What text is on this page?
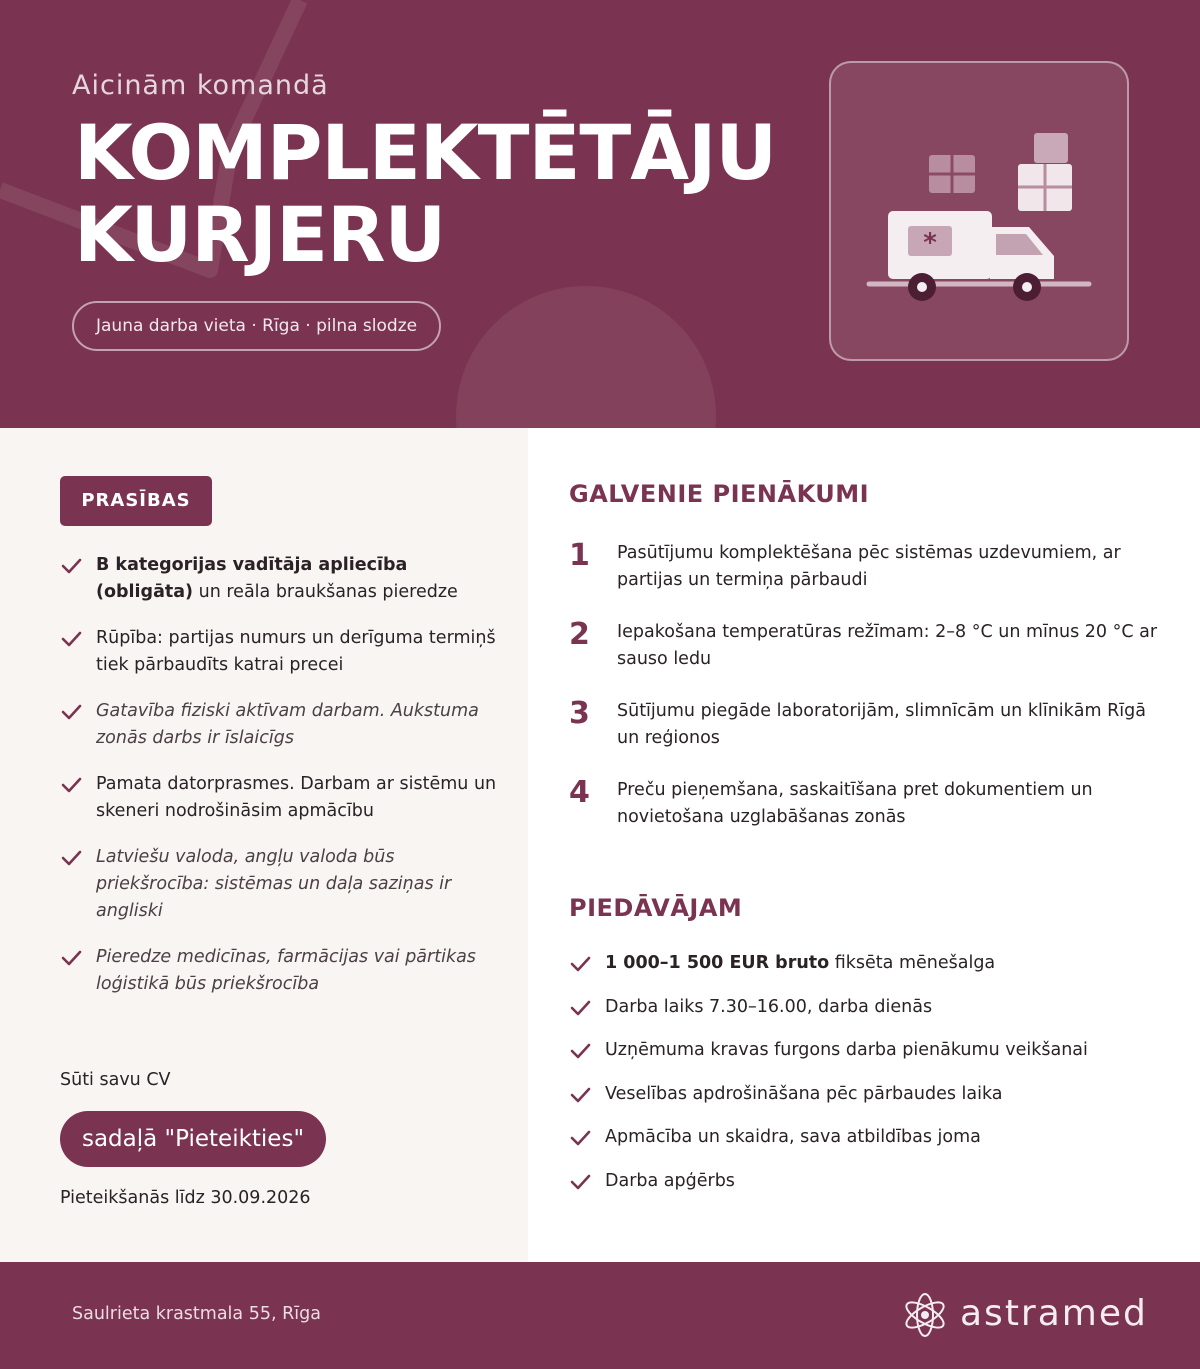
Aicinām komandā
KOMPLEKTĒTĀJU
KURJERU
Jauna darba vieta · Rīga · pilna slodze
*
PRASĪBAS
B kategorijas vadītāja apliecība (obligāta) un reāla braukšanas pieredze
Rūpība: partijas numurs un derīguma termiņš tiek pārbaudīts katrai precei
Gatavība fiziski aktīvam darbam. Aukstuma zonās darbs ir īslaicīgs
Pamata datorprasmes. Darbam ar sistēmu un skeneri nodrošināsim apmācību
Latviešu valoda, angļu valoda būs priekšrocība: sistēmas un daļa saziņas ir angliski
Pieredze medicīnas, farmācijas vai pārtikas loģistikā būs priekšrocība
Sūti savu CV
sadaļā "Pieteikties"
Pieteikšanās līdz 30.09.2026
GALVENIE PIENĀKUMI
1 Pasūtījumu komplektēšana pēc sistēmas uzdevumiem, ar partijas un termiņa pārbaudi
2 Iepakošana temperatūras režīmam: 2–8 °C un mīnus 20 °C ar sauso ledu
3 Sūtījumu piegāde laboratorijām, slimnīcām un klīnikām Rīgā un reģionos
4 Preču pieņemšana, saskaitīšana pret dokumentiem un novietošana uzglabāšanas zonās
PIEDĀVĀJAM
1 000–1 500 EUR bruto fiksēta mēnešalga
Darba laiks 7.30–16.00, darba dienās
Uzņēmuma kravas furgons darba pienākumu veikšanai
Veselības apdrošināšana pēc pārbaudes laika
Apmācība un skaidra, sava atbildības joma
Darba apģērbs
Saulrieta krastmala 55, Rīga	astramed
